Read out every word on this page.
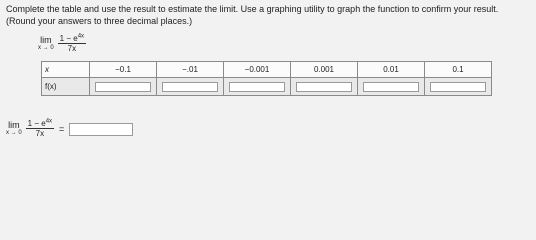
Complete the table and use the result to estimate the limit. Use a graphing utility to graph the function to confirm your result.
(Round your answers to three decimal places.)
lim
$x \to 0 \frac{1 - e^{4x}}{7x}$
x	−0.1	−.01	−0.001	0.001	0.01	0.1
f(x)	

lim
$x \to 0 \frac{1 - e^{4x}}{7x}$ =
